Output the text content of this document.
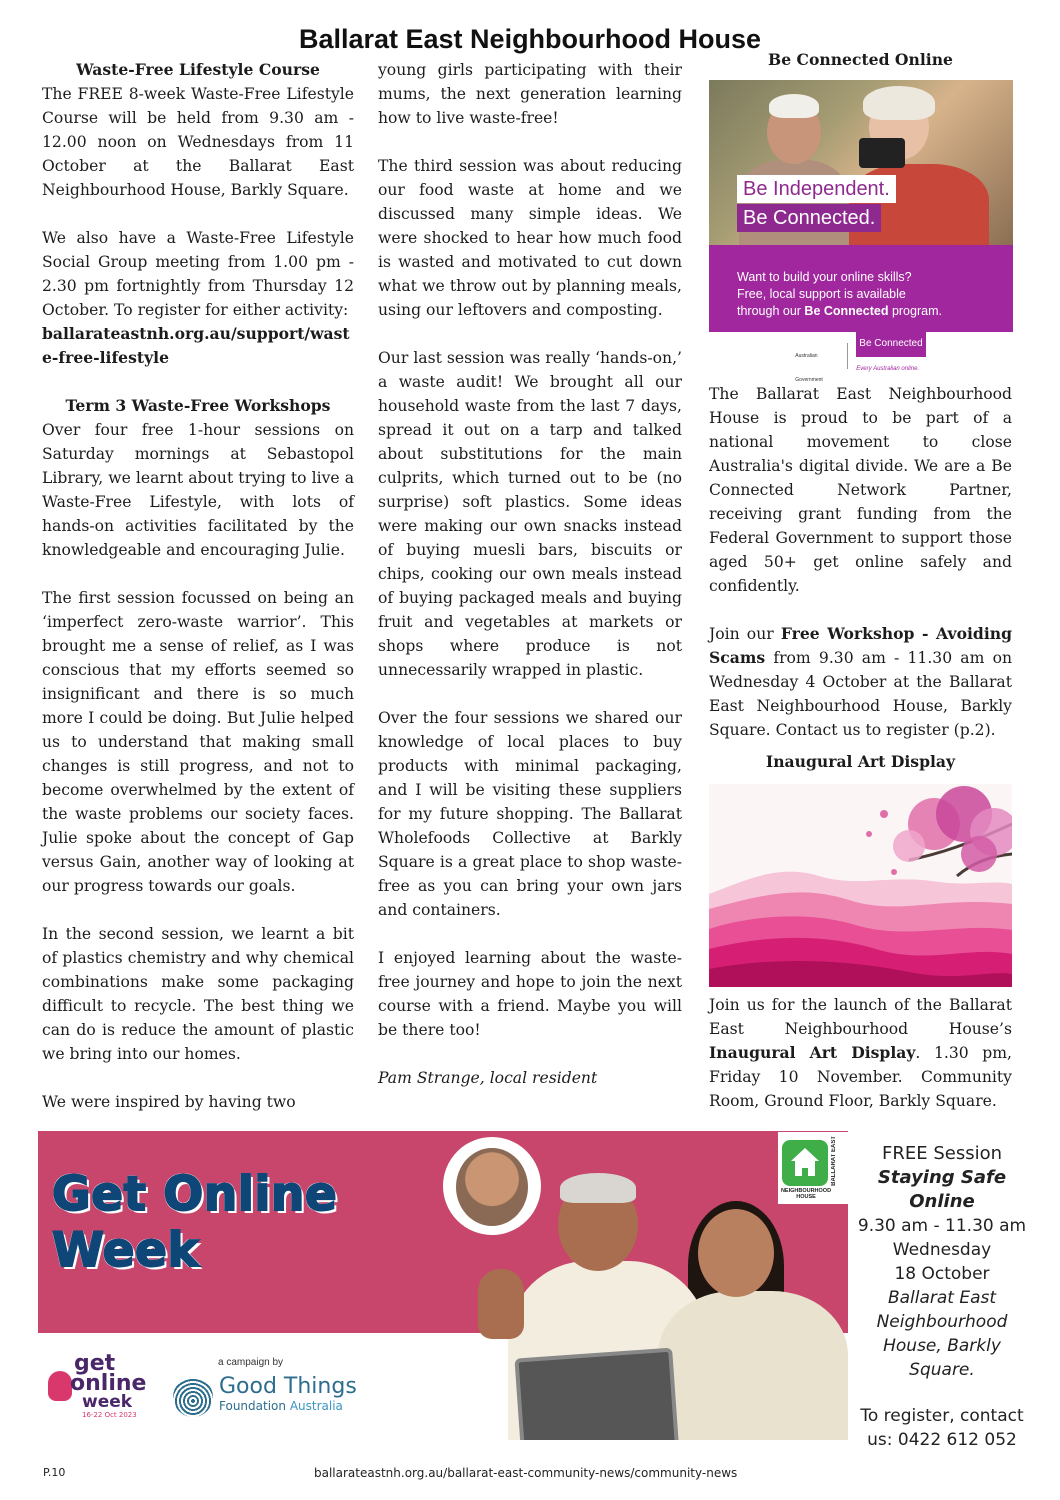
Ballarat East Neighbourhood House
Waste-Free Lifestyle Course

The FREE 8-week Waste-Free Lifestyle Course will be held from 9.30 am - 12.00 noon on Wednesdays from 11 October at the Ballarat East Neighbourhood House, Barkly Square.

We also have a Waste-Free Lifestyle Social Group meeting from 1.00 pm - 2.30 pm fortnightly from Thursday 12 October. To register for either activity:

ballarateastnh.org.au/support/waste-free-lifestyle

Term 3 Waste-Free Workshops

Over four free 1-hour sessions on Saturday mornings at Sebastopol Library, we learnt about trying to live a Waste-Free Lifestyle, with lots of hands-on activities facilitated by the knowledgeable and encouraging Julie.

The first session focussed on being an ‘imperfect zero-waste warrior’. This brought me a sense of relief, as I was conscious that my efforts seemed so insignificant and there is so much more I could be doing. But Julie helped us to understand that making small changes is still progress, and not to become overwhelmed by the extent of the waste problems our society faces. Julie spoke about the concept of Gap versus Gain, another way of looking at our progress towards our goals.

In the second session, we learnt a bit of plastics chemistry and why chemical combinations make some packaging difficult to recycle. The best thing we can do is reduce the amount of plastic we bring into our homes.

We were inspired by having two

young girls participating with their mums, the next generation learning how to live waste-free!

The third session was about reducing our food waste at home and we discussed many simple ideas. We were shocked to hear how much food is wasted and motivated to cut down what we throw out by planning meals, using our leftovers and composting.

Our last session was really ‘hands-on,’ a waste audit! We brought all our household waste from the last 7 days, spread it out on a tarp and talked about substitutions for the main culprits, which turned out to be (no surprise) soft plastics. Some ideas were making our own snacks instead of buying muesli bars, biscuits or chips, cooking our own meals instead of buying packaged meals and buying fruit and vegetables at markets or shops where produce is not unnecessarily wrapped in plastic.

Over the four sessions we shared our knowledge of local places to buy products with minimal packaging, and I will be visiting these suppliers for my future shopping. The Ballarat Wholefoods Collective at Barkly Square is a great place to shop waste-free as you can bring your own jars and containers.

I enjoyed learning about the waste-free journey and hope to join the next course with a friend. Maybe you will be there too!

Pam Strange, local resident

Be Connected Online
Be Independent.
Be Connected.
Want to build your online skills?
Free, local support is available
through our Be Connected program.
Australian Government
Be Connected
Every Australian online.

The Ballarat East Neighbourhood House is proud to be part of a national movement to close Australia's digital divide. We are a Be Connected Network Partner, receiving grant funding from the Federal Government to support those aged 50+ get online safely and confidently.

Join our Free Workshop - Avoiding Scams from 9.30 am - 11.30 am on Wednesday 4 October at the Ballarat East Neighbourhood House, Barkly Square. Contact us to register (p.2).

Inaugural Art Display

Join us for the launch of the Ballarat East Neighbourhood House’s Inaugural Art Display. 1.30 pm, Friday 10 November. Community Room, Ground Floor, Barkly Square.

Get Online
Week
get
online
week
16-22 Oct 2023
a campaign by
Good Things
Foundation Australia
NEIGHBOURHOOD HOUSE
BALLARAT EAST	FREE Session
Staying Safe
Online
9.30 am - 11.30 am
Wednesday
18 October
Ballarat East
Neighbourhood
House, Barkly Square.
To register, contact
us: 0422 612 052
P.10	ballarateastnh.org.au/ballarat-east-community-news/community-news
